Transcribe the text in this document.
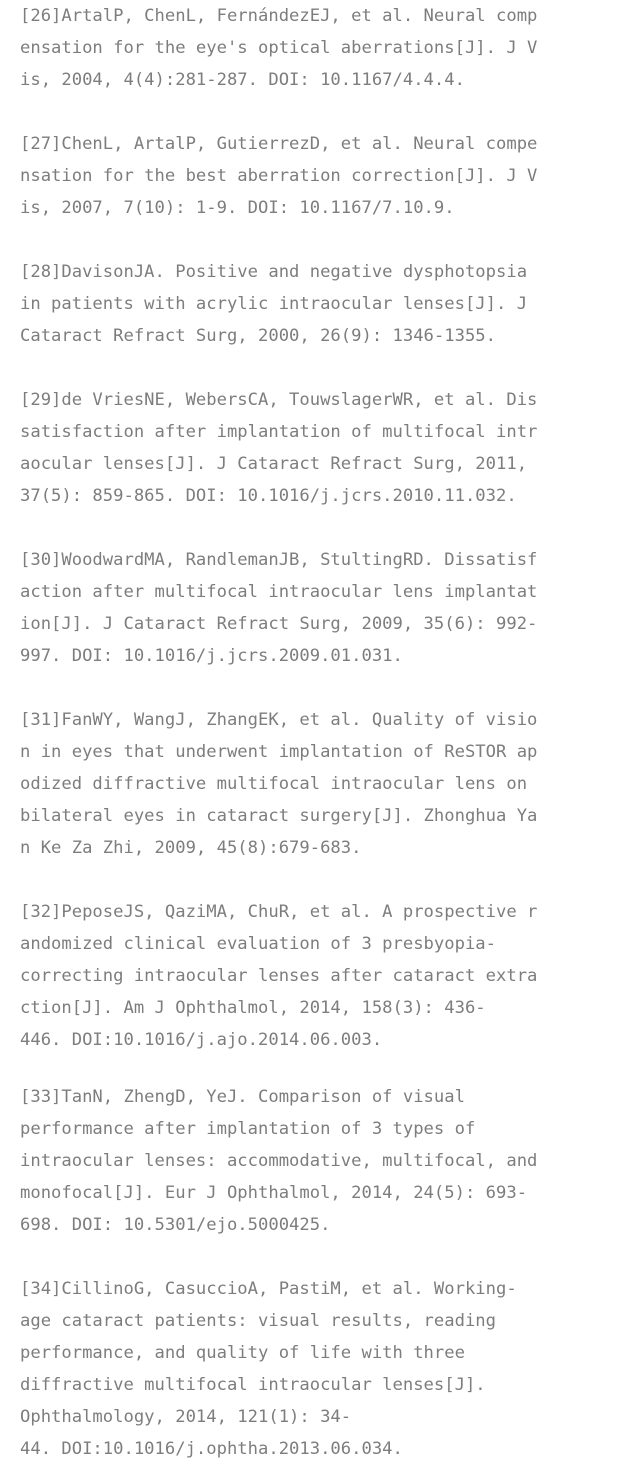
[26]ArtalP, ChenL, FernándezEJ, et al. Neural comp
ensation for the eye's optical aberrations[J]. J V
is, 2004, 4(4):281-287. DOI: 10.1167/4.4.4.

[27]ChenL, ArtalP, GutierrezD, et al. Neural compe
nsation for the best aberration correction[J]. J V
is, 2007, 7(10): 1-9. DOI: 10.1167/7.10.9.

[28]DavisonJA. Positive and negative dysphotopsia
in patients with acrylic intraocular lenses[J]. J
Cataract Refract Surg, 2000, 26(9): 1346-1355.

[29]de VriesNE, WebersCA, TouwslagerWR, et al. Dis
satisfaction after implantation of multifocal intr
aocular lenses[J]. J Cataract Refract Surg, 2011,
37(5): 859-865. DOI: 10.1016/j.jcrs.2010.11.032.

[30]WoodwardMA, RandlemanJB, StultingRD. Dissatisf
action after multifocal intraocular lens implantat
ion[J]. J Cataract Refract Surg, 2009, 35(6): 992-
997. DOI: 10.1016/j.jcrs.2009.01.031.

[31]FanWY, WangJ, ZhangEK, et al. Quality of visio
n in eyes that underwent implantation of ReSTOR ap
odized diffractive multifocal intraocular lens on
bilateral eyes in cataract surgery[J]. Zhonghua Ya
n Ke Za Zhi, 2009, 45(8):679-683.

[32]PeposeJS, QaziMA, ChuR, et al. A prospective r
andomized clinical evaluation of 3 presbyopia-
correcting intraocular lenses after cataract extra
ction[J]. Am J Ophthalmol, 2014, 158(3): 436-
446. DOI:10.1016/j.ajo.2014.06.003.

[33]TanN, ZhengD, YeJ. Comparison of visual
performance after implantation of 3 types of
intraocular lenses: accommodative, multifocal, and
monofocal[J]. Eur J Ophthalmol, 2014, 24(5): 693-
698. DOI: 10.5301/ejo.5000425.

[34]CillinoG, CasuccioA, PastiM, et al. Working-
age cataract patients: visual results, reading
performance, and quality of life with three
diffractive multifocal intraocular lenses[J].
Ophthalmology, 2014, 121(1): 34-
44. DOI:10.1016/j.ophtha.2013.06.034.
